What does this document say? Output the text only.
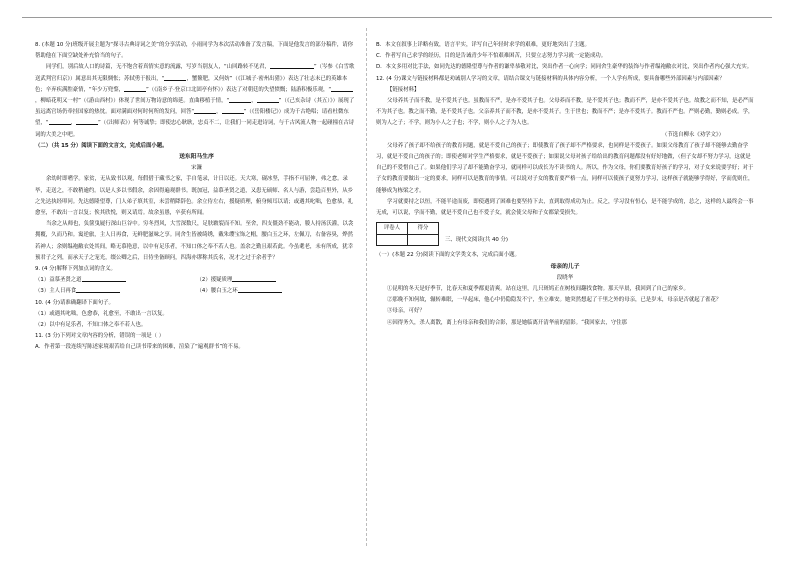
8. (本题 10 分)班级开展主题为“探寻古典诗词之美”的分享活动，小雨同学为本次活动准备了发言稿，下面是他发言的部分稿件，请你帮助他在下面空缺处补充恰当的句子。

同学们，别后故人口的诗篇，无不饱含着真情实意的流露，写岁当别友人，“山回路转不见君，	”（岑参《白雪歌送武判官归京》）属意出其无限惆怅；苏轼勇于报出，“	，蟹鳌肥，又何妨”（《江城子·密州出猎》）表达了壮志未已的英雄本色；辛弃疾满腔豪情，“年少万兜鍪，	”（《南乡子·登京口北固亭有怀》）表达了对朝廷的失望愤慨；陆游积极乐观，“，柳暗花明又一村”（《游山西村》）体现了世间万物诗意的绵延。直曲移植于情，“	，	”（《己亥杂诗（其五）》）展现了虽远离官场仍牵挂国家的热忱。面对满面对何时何所的发问，回答“	，	”（《岳阳楼记》）成为千古绝唱；请看杜微东望，“	，	”（《出师表》）何等诚挚；即使忠心耿耿，忠贞不二，让我们一同走进诗词，与千古风流人物一起碰撞在古诗词的大美之中吧。

（二）（共 15 分）阅读下面的文言文，完成后面小题。

送东阳马生序

宋濂

余幼时即嗜学。家贫，无从致书以观，每假借于藏书之家，手自笔录，计日以还。天大寒，砚冰坚，手指不可屈伸，弗之怠。录毕，走送之，不敢稍逾约。以是人多以书假余，余因得遍观群书。既加冠，益慕圣贤之道，又患无硕师、名人与游，尝趋百里外，从乡之先达执经叩问。先达德隆望尊，门人弟子填其室，未尝稍降辞色。余立侍左右，援疑质理，俯身倾耳以请；或遇其叱咄，色愈恭，礼愈至，不敢出一言以复；俟其欣悦，则又请焉。故余虽愚，卒获有所闻。

当余之从师也，负箧曳屣行深山巨谷中。穷冬烈风，大雪深数尺，足肤皲裂而不知。至舍，四支僵劲不能动，媵人持汤沃灌，以衾拥覆，久而乃和。寓逆旅，主人日再食，无鲜肥滋味之享。同舍生皆被绮绣，戴朱缨宝饰之帽，腰白玉之环，左佩刀，右备容臭，烨然若神人；余则缊袍敝衣处其间，略无慕艳意，以中有足乐者，不知口体之奉不若人也。盖余之勤且艰若此。今虽耄老，未有所成，犹幸预君子之列，而承天子之宠光，缀公卿之后，日侍坐备顾问，四海亦谬称其氏名，况才之过于余者乎？

9. (4 分)解释下列加点词的含义。

（1）益慕圣贤之道	（2）援疑质理
（3）主人日再食	（4）腰白玉之环

10. (4 分)请准确翻译下面句子。

（1）或遇其叱咄，色愈恭，礼愈至，不敢出一言以复。

（2）以中有足乐者，不知口体之奉不若人也。

11. (3 分)下列对文章内容的分析，错误的一项是（ ）

A．作者第一段连续写陈述家境艰苦给自己读书带来的困难，渲染了“遍观群书”的不易。

B．本文在叙事上详略有致，语言平实，详写自己年轻时求学的艰难，更好地突出了主题。

C．作者写自己求学的经历，目的是告诫青少年不怕艰难困苦，只要立志努力学习就一定能成功。

D．本文多用对比手法，如同先达的德隆望尊与作者的谦卑恭敬对比，突出作者一心向学；同同舍生豪华的装饰与作者缊袍敝衣对比，突出作者内心强大充实。

12. (4 分)课文与链接材料都是劝诫别人学习的文章，请结合课文与链接材料的具体内容分析，一个人学有所成，要具备哪些外部因素与内部因素？

【链接材料】

父母养其子而不教，是不爱其子也。虽教而不严，是亦不爱其子也。父母养而不教，是不爱其子也；教而不严，是亦不爱其子也。故教之而不知，是必严而不为其子也。教之而不勤，是不爱其子也。父亲养其子而不教，是亦不爱其子。生于世也；教而不严；是亦不爱其子。教而不严也。严则必勤，勤则必成。学，则为人之子；不学，则为小人之子也；不学，则小人之子为人也。

（节选自柳永《劝学文》）

父母养了孩子却不给孩子的教育问题，就是不爱自己的孩子；即使教育了孩子却不严格要求，也同样是不爱孩子。如果父母教育了孩子却不能够去勤奋学习，就是不爱自己的孩子的；即使老师对学生严格要求，就是不爱孩子；如果说父母对孩子给给出的教育问题都没有好好地做，（但子女却不努力学习，这就是自己的不爱惜自己了。如果他们学习了却不能勤奋学习，就同样可以成长为不读书的人。所以，作为父母，你们要教育好孩子的学习，对子女来说要学好；对于子女的教育要做出一定的要求，同样可以是教育的事情。可以说对子女的教育要严格一点，同样可以使孩子更努力学习，这样孩子就能够学得好，学而优则仕，能够成为栋梁之才。

学习就要持之以恒，不能半途而废，即使遇到了困难也要坚持下去，直到取得成功为止。反之，学习没有恒心，是不能学成的，总之，这样的人最终会一事无成，可以说，学而不勤，就是不爱自己也不爱子女，就会使父母和子女都蒙受损失。

评卷人	得分

三、现代文阅读(共 40 分)

（一）(本题 22 分)阅读下面的文学类文本，完成后面小题。

母亲的儿子

段晓华

①昆明的冬天是好季节，比春天和夏季都更清爽。站在这里，几只斑鸠正在树枝间翻找食物。那天早晨，我回到了自己的家乡。

②那晚不知何故，辗转难眠，一早起床，他心中仍隐隐发不宁，坐立难安。她突然想起了千里之外的母亲，已是岁末，母亲是否就起了雀花？

③母亲，可好？

④因得务久，杀人离散，离上有母亲和我们的合影，那是她临离开清华前的留影。“我回家去，守住那
